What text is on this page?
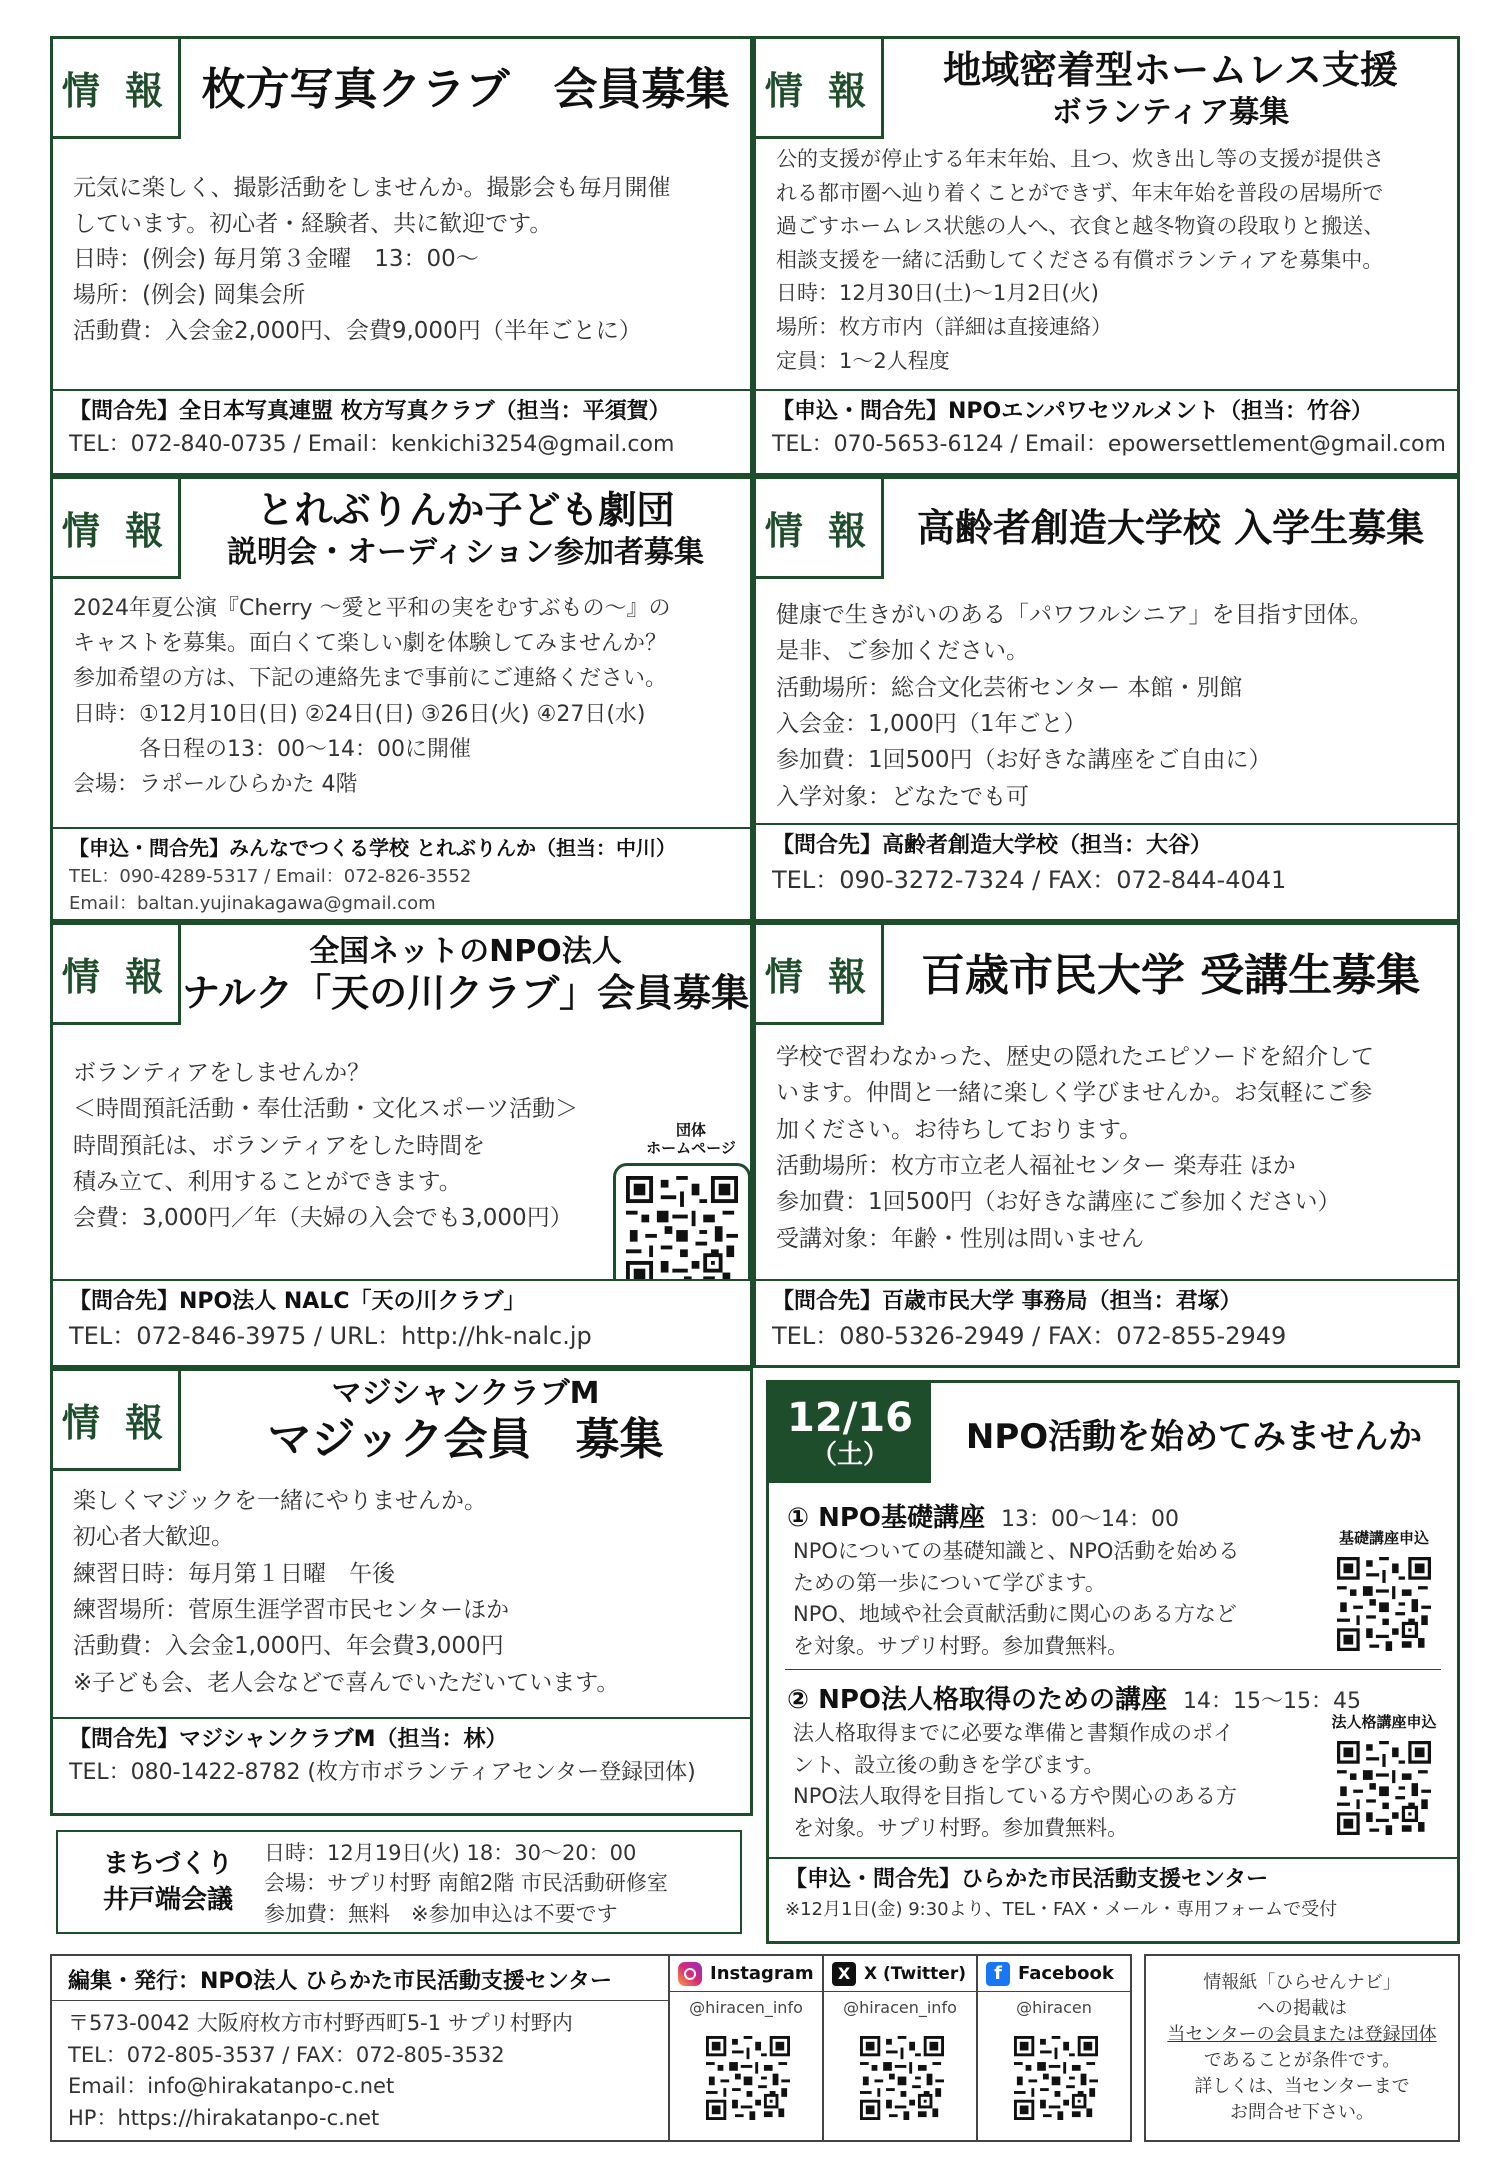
情 報 枚方写真クラブ　会員募集

元気に楽しく、撮影活動をしませんか。撮影会も毎月開催

しています。初心者・経験者、共に歓迎です。

日時：(例会) 毎月第３金曜　13：00〜

場所：(例会) 岡集会所

活動費：入会金2,000円、会費9,000円（半年ごとに）

【問合先】全日本写真連盟 枚方写真クラブ（担当：平須賀）
TEL：072-840-0735 / Email：kenkichi3254@gmail.com
情 報	地域密着型ホームレス支援
ボランティア募集

公的支援が停止する年末年始、且つ、炊き出し等の支援が提供さ

れる都市圏へ辿り着くことができず、年末年始を普段の居場所で

過ごすホームレス状態の人へ、衣食と越冬物資の段取りと搬送、

相談支援を一緒に活動してくださる有償ボランティアを募集中。

日時：12月30日(土)〜1月2日(火)

場所：枚方市内（詳細は直接連絡）

定員：1〜2人程度

【申込・問合先】NPOエンパワセツルメント（担当：竹谷）
TEL：070-5653-6124 / Email：epowersettlement@gmail.com
情 報	とれぶりんか子ども劇団
説明会・オーディション参加者募集

2024年夏公演『Cherry ～愛と平和の実をむすぶもの～』の

キャストを募集。面白くて楽しい劇を体験してみませんか？

参加希望の方は、下記の連絡先まで事前にご連絡ください。

日時：①12月10日(日) ②24日(日) ③26日(火) ④27日(水)

　　　各日程の13：00〜14：00に開催

会場：ラポールひらかた 4階

【申込・問合先】みんなでつくる学校 とれぶりんか（担当：中川）
TEL：090-4289-5317 / Email：072-826-3552
Email：baltan.yujinakagawa@gmail.com
情 報	高齢者創造大学校 入学生募集

健康で生きがいのある「パワフルシニア」を目指す団体。

是非、ご参加ください。

活動場所：総合文化芸術センター 本館・別館

入会金：1,000円（1年ごと）

参加費：1回500円（お好きな講座をご自由に）

入学対象：どなたでも可

【問合先】高齢者創造大学校（担当：大谷）
TEL：090-3272-7324 / FAX：072-844-4041
情 報
全国ネットのNPO法人
ナルク「天の川クラブ」会員募集

ボランティアをしませんか？

＜時間預託活動・奉仕活動・文化スポーツ活動＞

時間預託は、ボランティアをした時間を

積み立て、利用することができます。

会費：3,000円／年（夫婦の入会でも3,000円）

団体
ホームページ
【問合先】NPO法人 NALC「天の川クラブ」
TEL：072-846-3975 / URL：http://hk-nalc.jp
情 報 百歳市民大学 受講生募集

学校で習わなかった、歴史の隠れたエピソードを紹介して

います。仲間と一緒に楽しく学びませんか。お気軽にご参

加ください。お待ちしております。

活動場所：枚方市立老人福祉センター 楽寿荘 ほか

参加費：1回500円（お好きな講座にご参加ください）

受講対象：年齢・性別は問いません

【問合先】百歳市民大学 事務局（担当：君塚）
TEL：080-5326-2949 / FAX：072-855-2949
情 報
マジシャンクラブM
マジック会員　募集

楽しくマジックを一緒にやりませんか。

初心者大歓迎。

練習日時：毎月第１日曜　午後

練習場所：菅原生涯学習市民センターほか

活動費：入会金1,000円、年会費3,000円

※子ども会、老人会などで喜んでいただいています。

【問合先】マジシャンクラブM（担当：林）
TEL：080-1422-8782 (枚方市ボランティアセンター登録団体)
まちづくり
井戸端会議

日時：12月19日(火) 18：30〜20：00

会場：サプリ村野 南館2階 市民活動研修室

参加費：無料　※参加申込は不要です

12/16
（土） NPO活動を始めてみませんか
① NPO基礎講座　 13：00〜14：00

NPOについての基礎知識と、NPO活動を始める

ための第一歩について学びます。

NPO、地域や社会貢献活動に関心のある方など

を対象。サプリ村野。参加費無料。

基礎講座申込
② NPO法人格取得のための講座　 14：15〜15：45

法人格取得までに必要な準備と書類作成のポイ

ント、設立後の動きを学びます。

NPO法人取得を目指している方や関心のある方

を対象。サプリ村野。参加費無料。

法人格講座申込
【申込・問合先】ひらかた市民活動支援センター
※12月1日(金) 9:30より、TEL・FAX・メール・専用フォームで受付
編集・発行：NPO法人 ひらかた市民活動支援センター

〒573-0042 大阪府枚方市村野西町5-1 サプリ村野内

TEL：072-805-3537 / FAX：072-805-3532

Email：info@hirakatanpo-c.net

HP：https://hirakatanpo-c.net

Instagram
@hiracen_info
X X (Twitter)
@hiracen_info
f Facebook
@hiracen

情報紙「ひらせんナビ」

への掲載は

当センターの会員または登録団体

であることが条件です。

詳しくは、当センターまで

お問合せ下さい。
